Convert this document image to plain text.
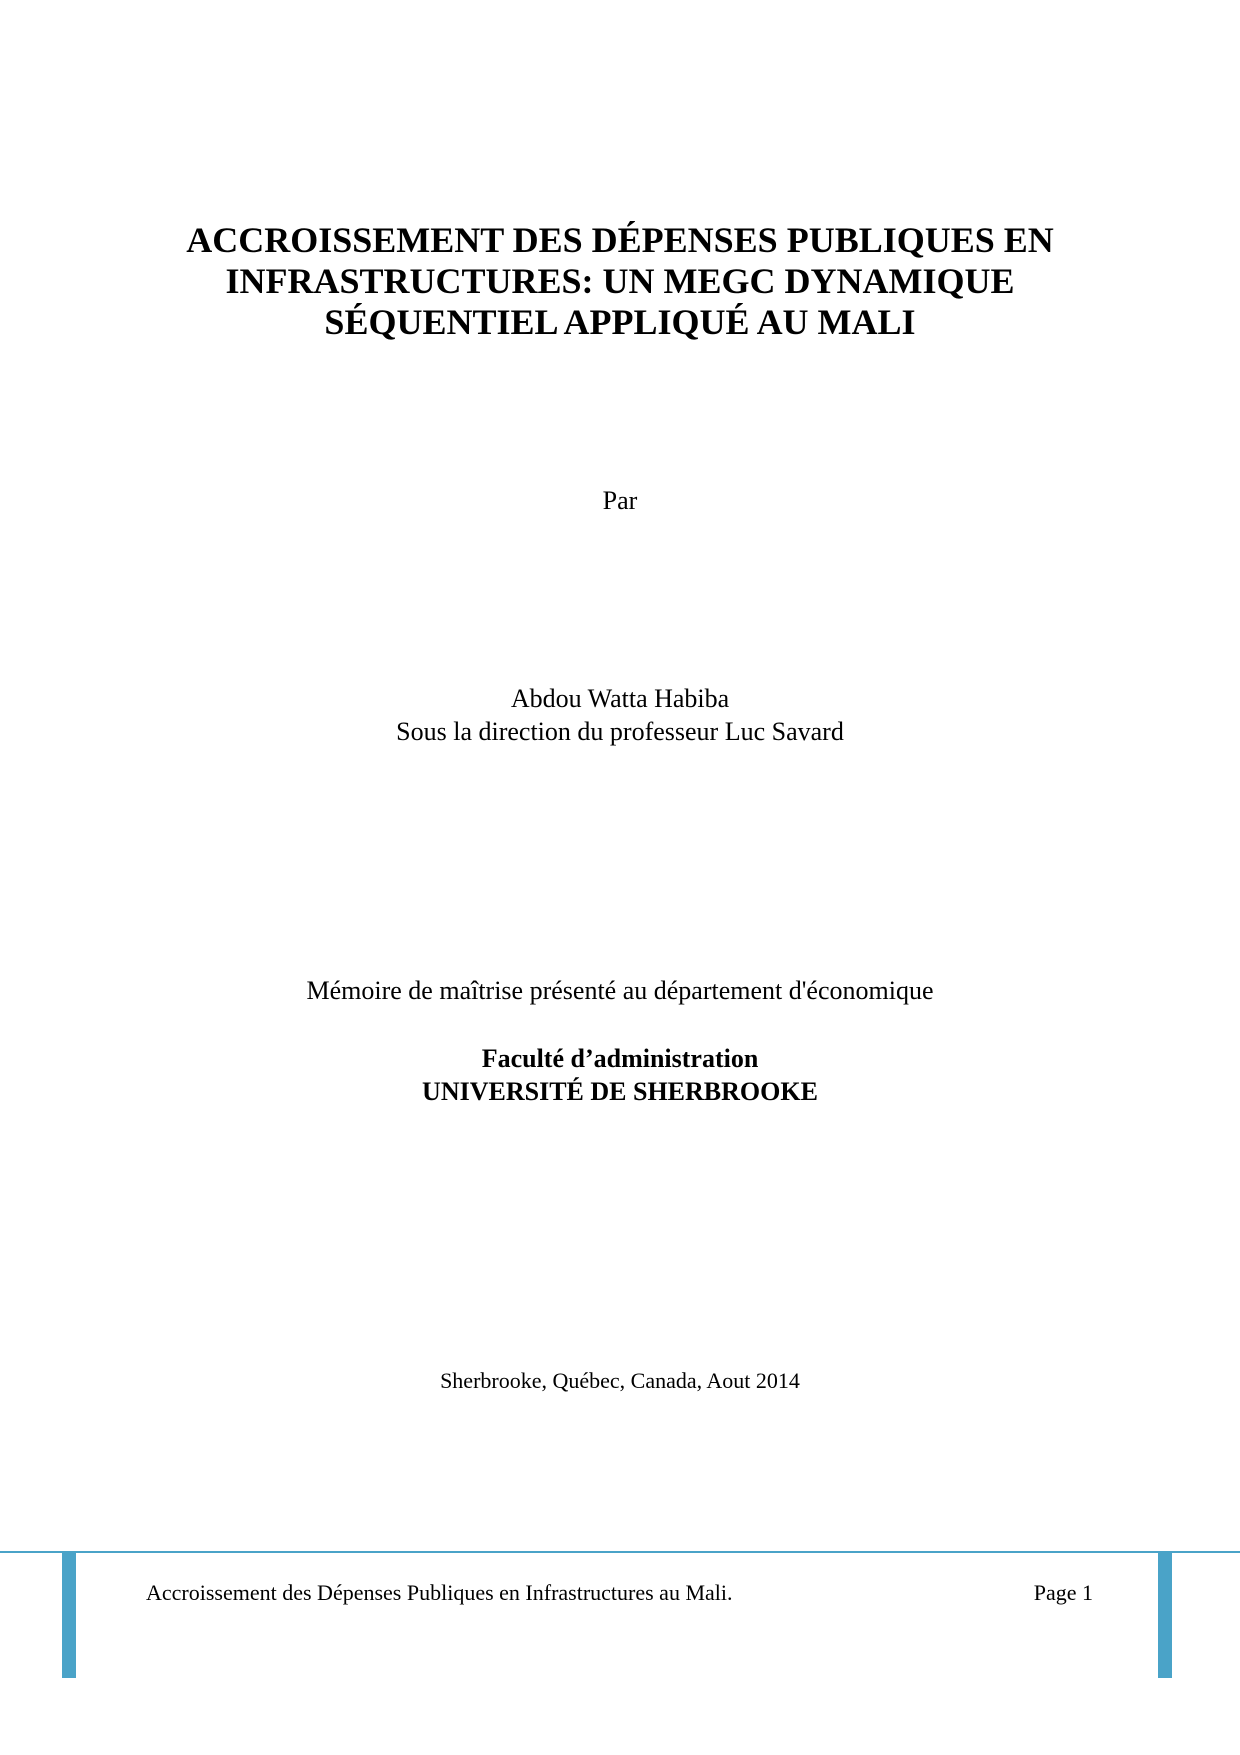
ACCROISSEMENT DES DÉPENSES PUBLIQUES EN
INFRASTRUCTURES: UN MEGC DYNAMIQUE
SÉQUENTIEL APPLIQUÉ AU MALI
Par
Abdou Watta Habiba
Sous la direction du professeur Luc Savard
Mémoire de maîtrise présenté au département d'économique
Faculté d’administration
UNIVERSITÉ DE SHERBROOKE
Sherbrooke, Québec, Canada, Aout 2014
Accroissement des Dépenses Publiques en Infrastructures au Mali.	Page 1
